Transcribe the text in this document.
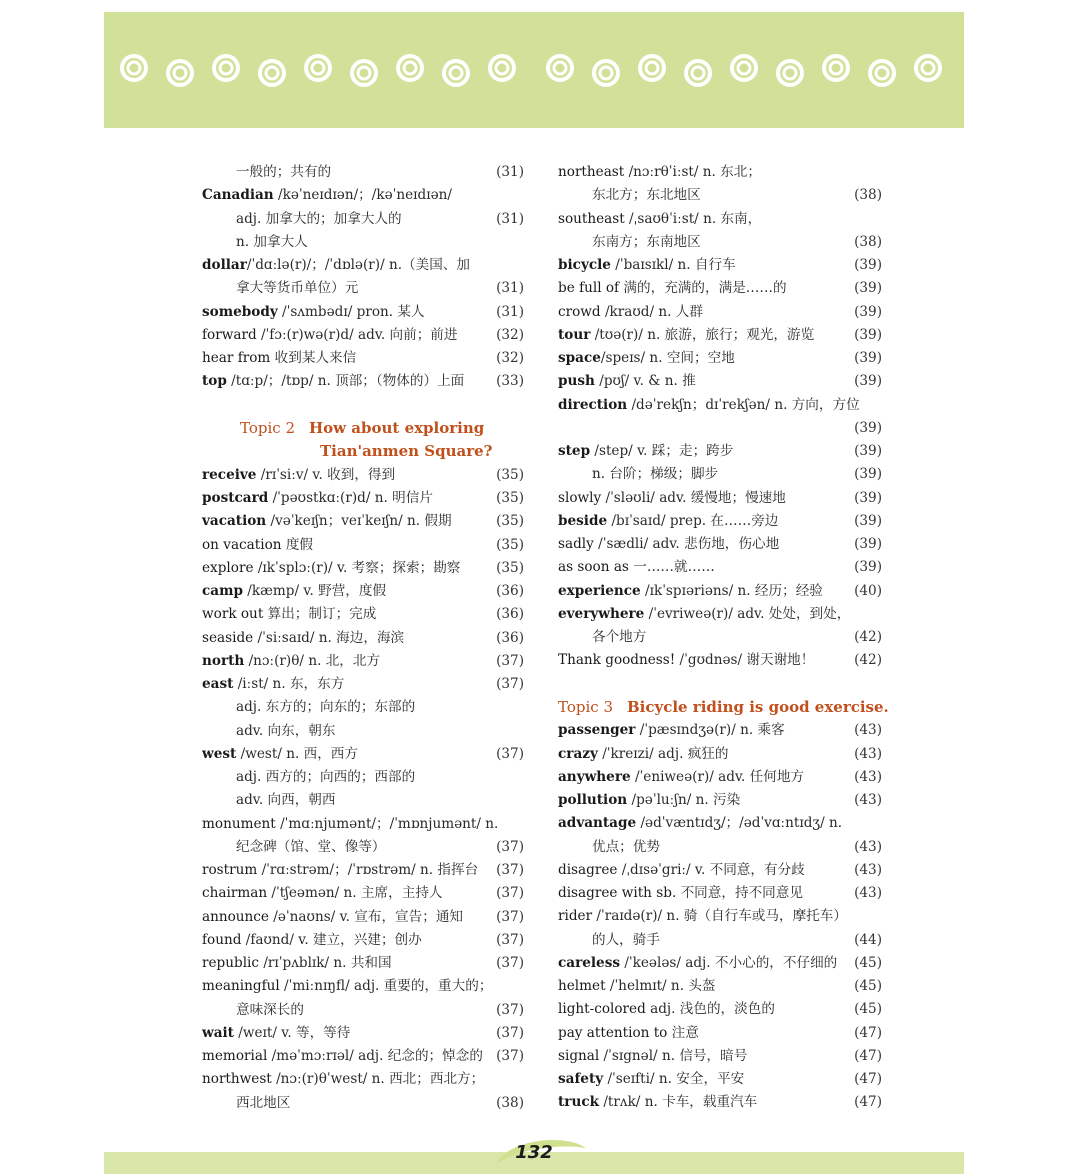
一般的；共有的	(31)
Canadian /kəˈneɪdɪən/；/kəˈneɪdɪən/
adj. 加拿大的；加拿大人的	(31)
n. 加拿大人
dollar/ˈdɑːlə(r)/；/ˈdɒlə(r)/ n.（美国、加
拿大等货币单位）元	(31)
somebody /ˈsʌmbədɪ/ pron. 某人	(31)
forward /ˈfɔː(r)wə(r)d/ adv. 向前；前进	(32)
hear from 收到某人来信	(32)
top /tɑːp/；/tɒp/ n. 顶部；（物体的）上面 (33)
Topic 2 How about exploring
Tian'anmen Square?
receive /rɪˈsiːv/ v. 收到，得到	(35)
postcard /ˈpəʊstkɑː(r)d/ n. 明信片	(35)
vacation /vəˈkeɪʃn；veɪˈkeɪʃn/ n. 假期	(35)
on vacation 度假	(35)
explore /ɪkˈsplɔː(r)/ v. 考察；探索；勘察	(35)
camp /kæmp/ v. 野营，度假	(36)
work out 算出；制订；完成	(36)
seaside /ˈsiːsaɪd/ n. 海边，海滨	(36)
north /nɔː(r)θ/ n. 北，北方	(37)
east /iːst/ n. 东，东方	(37)
adj. 东方的；向东的；东部的
adv. 向东，朝东
west /west/ n. 西，西方	(37)
adj. 西方的；向西的；西部的
adv. 向西，朝西
monument /ˈmɑːnjumənt/；/ˈmɒnjumənt/ n.
纪念碑（馆、堂、像等）	(37)
rostrum /ˈrɑːstrəm/；/ˈrɒstrəm/ n. 指挥台 (37)
chairman /ˈtʃeəmən/ n. 主席，主持人	(37)
announce /əˈnaʊns/ v. 宣布，宣告；通知 (37)
found /faʊnd/ v. 建立，兴建；创办	(37)
republic /rɪˈpʌblɪk/ n. 共和国	(37)
meaningful /ˈmiːnɪŋfl/ adj. 重要的，重大的；
意味深长的	(37)
wait /weɪt/ v. 等，等待	(37)
memorial /məˈmɔːrɪəl/ adj. 纪念的；悼念的 (37)
northwest /nɔː(r)θˈwest/ n. 西北；西北方；
西北地区	(38)
northeast /nɔːrθˈiːst/ n. 东北；
东北方；东北地区	(38)
southeast /ˌsaʊθˈiːst/ n. 东南，
东南方；东南地区	(38)
bicycle /ˈbaɪsɪkl/ n. 自行车	(39)
be full of 满的，充满的，满是……的	(39)
crowd /kraʊd/ n. 人群	(39)
tour /tʊə(r)/ n. 旅游，旅行；观光，游览	(39)
space/speɪs/ n. 空间；空地	(39)
push /pʊʃ/ v. & n. 推	(39)
direction /dəˈrekʃn；dɪˈrekʃən/ n. 方向，方位
(39)
step /step/ v. 踩；走；跨步	(39)
n. 台阶；梯级；脚步	(39)
slowly /ˈsləʊli/ adv. 缓慢地；慢速地	(39)
beside /bɪˈsaɪd/ prep. 在……旁边	(39)
sadly /ˈsædli/ adv. 悲伤地，伤心地	(39)
as soon as 一……就……	(39)
experience /ɪkˈspɪəriəns/ n. 经历；经验 (40)
everywhere /ˈevriweə(r)/ adv. 处处，到处，
各个地方	(42)
Thank goodness! /ˈgʊdnəs/ 谢天谢地！	(42)
Topic 3 Bicycle riding is good exercise.
passenger /ˈpæsɪndʒə(r)/ n. 乘客	(43)
crazy /ˈkreɪzi/ adj. 疯狂的	(43)
anywhere /ˈeniweə(r)/ adv. 任何地方	(43)
pollution /pəˈluːʃn/ n. 污染	(43)
advantage /ədˈvæntɪdʒ/；/ədˈvɑːntɪdʒ/ n.
优点；优势	(43)
disagree /ˌdɪsəˈgriː/ v. 不同意，有分歧	(43)
disagree with sb. 不同意，持不同意见	(43)
rider /ˈraɪdə(r)/ n. 骑（自行车或马，摩托车）
的人，骑手	(44)
careless /ˈkeələs/ adj. 不小心的，不仔细的 (45)
helmet /ˈhelmɪt/ n. 头盔	(45)
light-colored adj. 浅色的，淡色的	(45)
pay attention to 注意	(47)
signal /ˈsɪgnəl/ n. 信号，暗号	(47)
safety /ˈseɪfti/ n. 安全，平安	(47)
truck /trʌk/ n. 卡车，载重汽车	(47)
132
